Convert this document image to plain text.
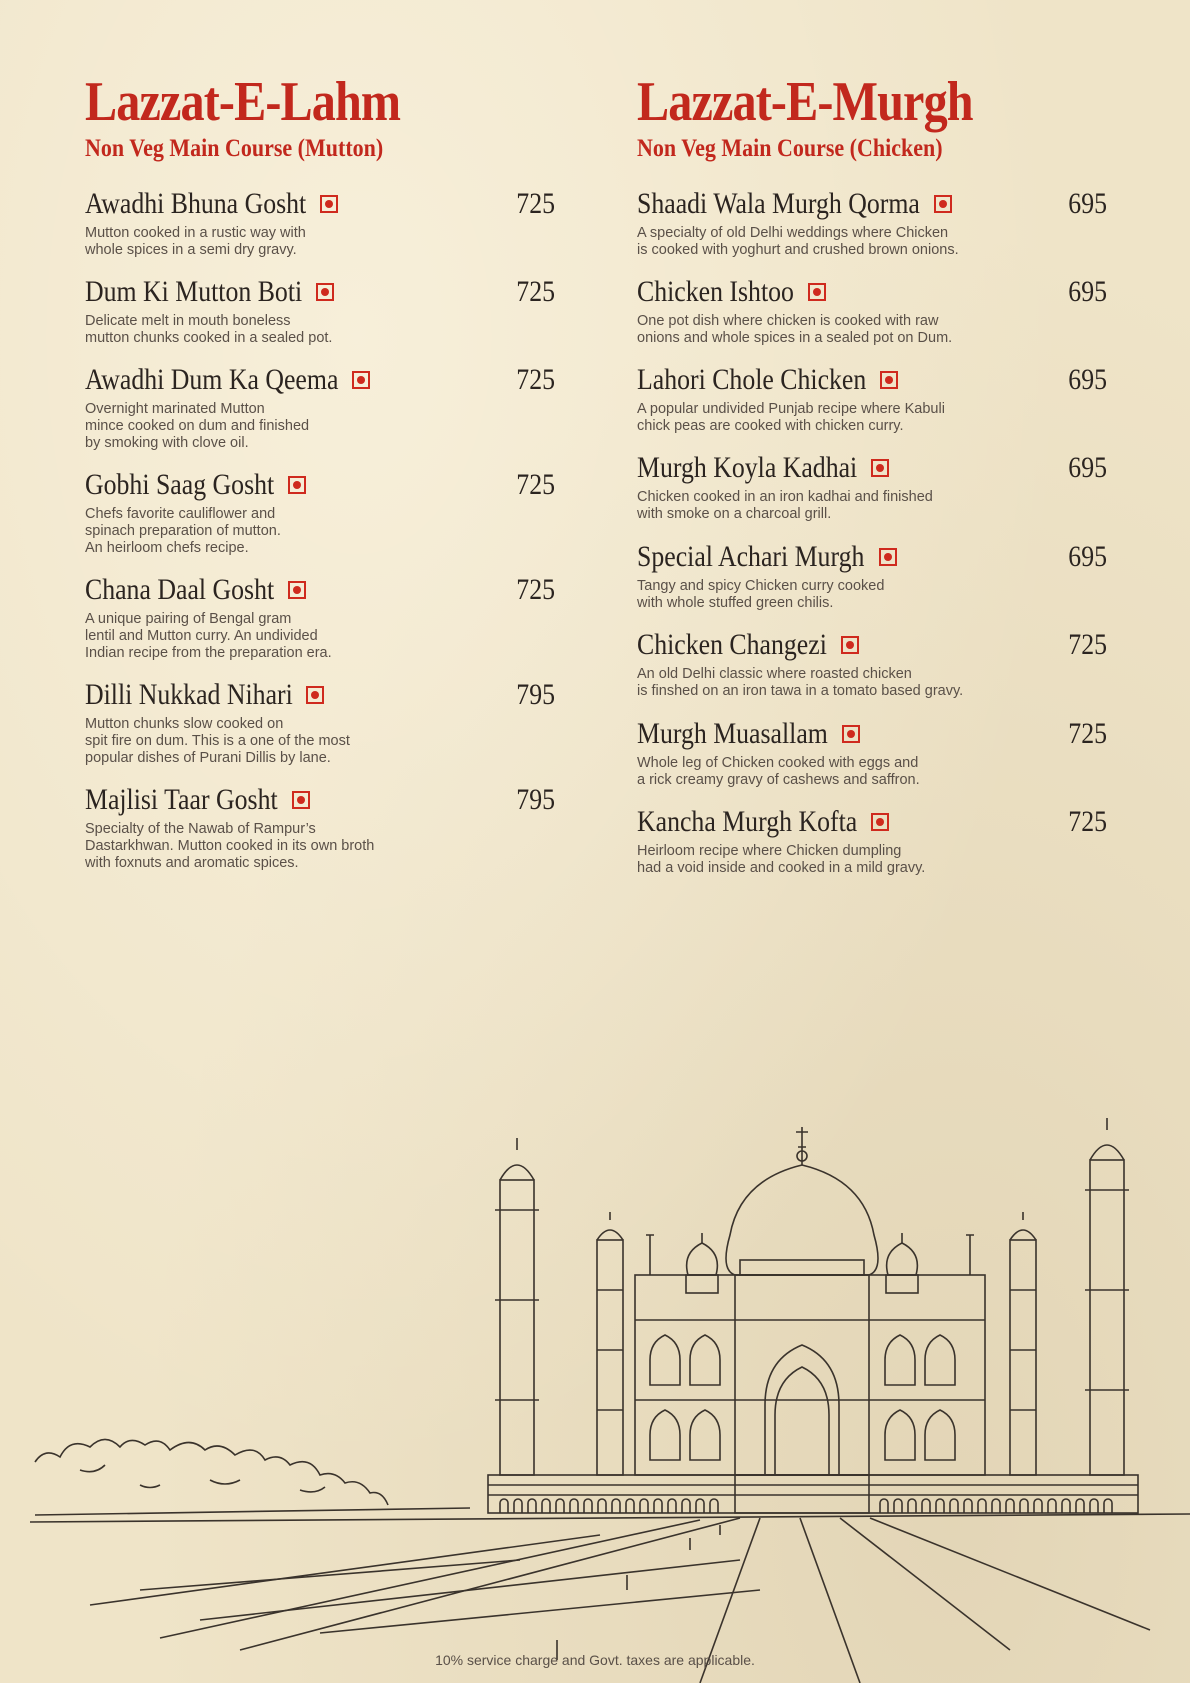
Lazzat-E-Lahm
Non Veg Main Course (Mutton)
Awadhi Bhuna Gosht	725

Mutton cooked in a rustic way with
whole spices in a semi dry gravy.

Dum Ki Mutton Boti	725

Delicate melt in mouth boneless
mutton chunks cooked in a sealed pot.

Awadhi Dum Ka Qeema	725

Overnight marinated Mutton
mince cooked on dum and finished
by smoking with clove oil.

Gobhi Saag Gosht	725

Chefs favorite cauliflower and
spinach preparation of mutton.
An heirloom chefs recipe.

Chana Daal Gosht	725

A unique pairing of Bengal gram
lentil and Mutton curry. An undivided
Indian recipe from the preparation era.

Dilli Nukkad Nihari	795

Mutton chunks slow cooked on
spit fire on dum. This is a one of the most
popular dishes of Purani Dillis by lane.

Majlisi Taar Gosht	795

Specialty of the Nawab of Rampur’s
Dastarkhwan. Mutton cooked in its own broth
with foxnuts and aromatic spices.

Lazzat-E-Murgh
Non Veg Main Course (Chicken)
Shaadi Wala Murgh Qorma	695

A specialty of old Delhi weddings where Chicken
is cooked with yoghurt and crushed brown onions.

Chicken Ishtoo	695

One pot dish where chicken is cooked with raw
onions and whole spices in a sealed pot on Dum.

Lahori Chole Chicken	695

A popular undivided Punjab recipe where Kabuli
chick peas are cooked with chicken curry.

Murgh Koyla Kadhai	695

Chicken cooked in an iron kadhai and finished
with smoke on a charcoal grill.

Special Achari Murgh	695

Tangy and spicy Chicken curry cooked
with whole stuffed green chilis.

Chicken Changezi	725

An old Delhi classic where roasted chicken
is finshed on an iron tawa in a tomato based gravy.

Murgh Muasallam	725

Whole leg of Chicken cooked with eggs and
a rick creamy gravy of cashews and saffron.

Kancha Murgh Kofta	725

Heirloom recipe where Chicken dumpling
had a void inside and cooked in a mild gravy.

10% service charge and Govt. taxes are applicable.
